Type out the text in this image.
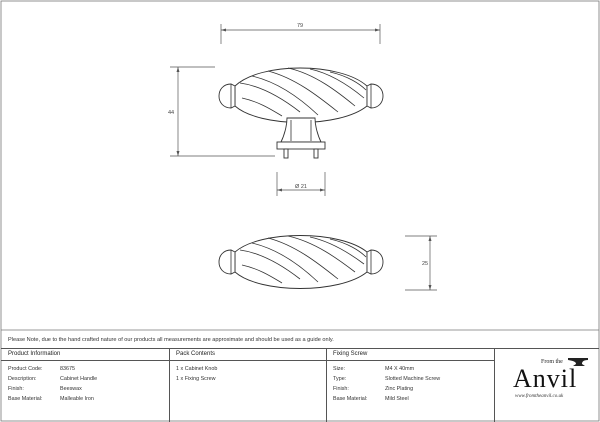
79
44
Ø 21
25
Please Note, due to the hand crafted nature of our products all measurements are approximate and should be used as a guide only.
Product Information
Product Code:	83675
Description:	Cabinet Handle
Finish:	Beeswax
Base Material:	Malleable Iron
Pack Contents
1 x Cabinet Knob
1 x Fixing Screw
Fixing Screw
Size:	M4 X 40mm
Type:	Slotted Machine Screw
Finish:	Zinc Plating
Base Material:	Mild Steel
From the
Anvil
www.fromtheanvil.co.uk
